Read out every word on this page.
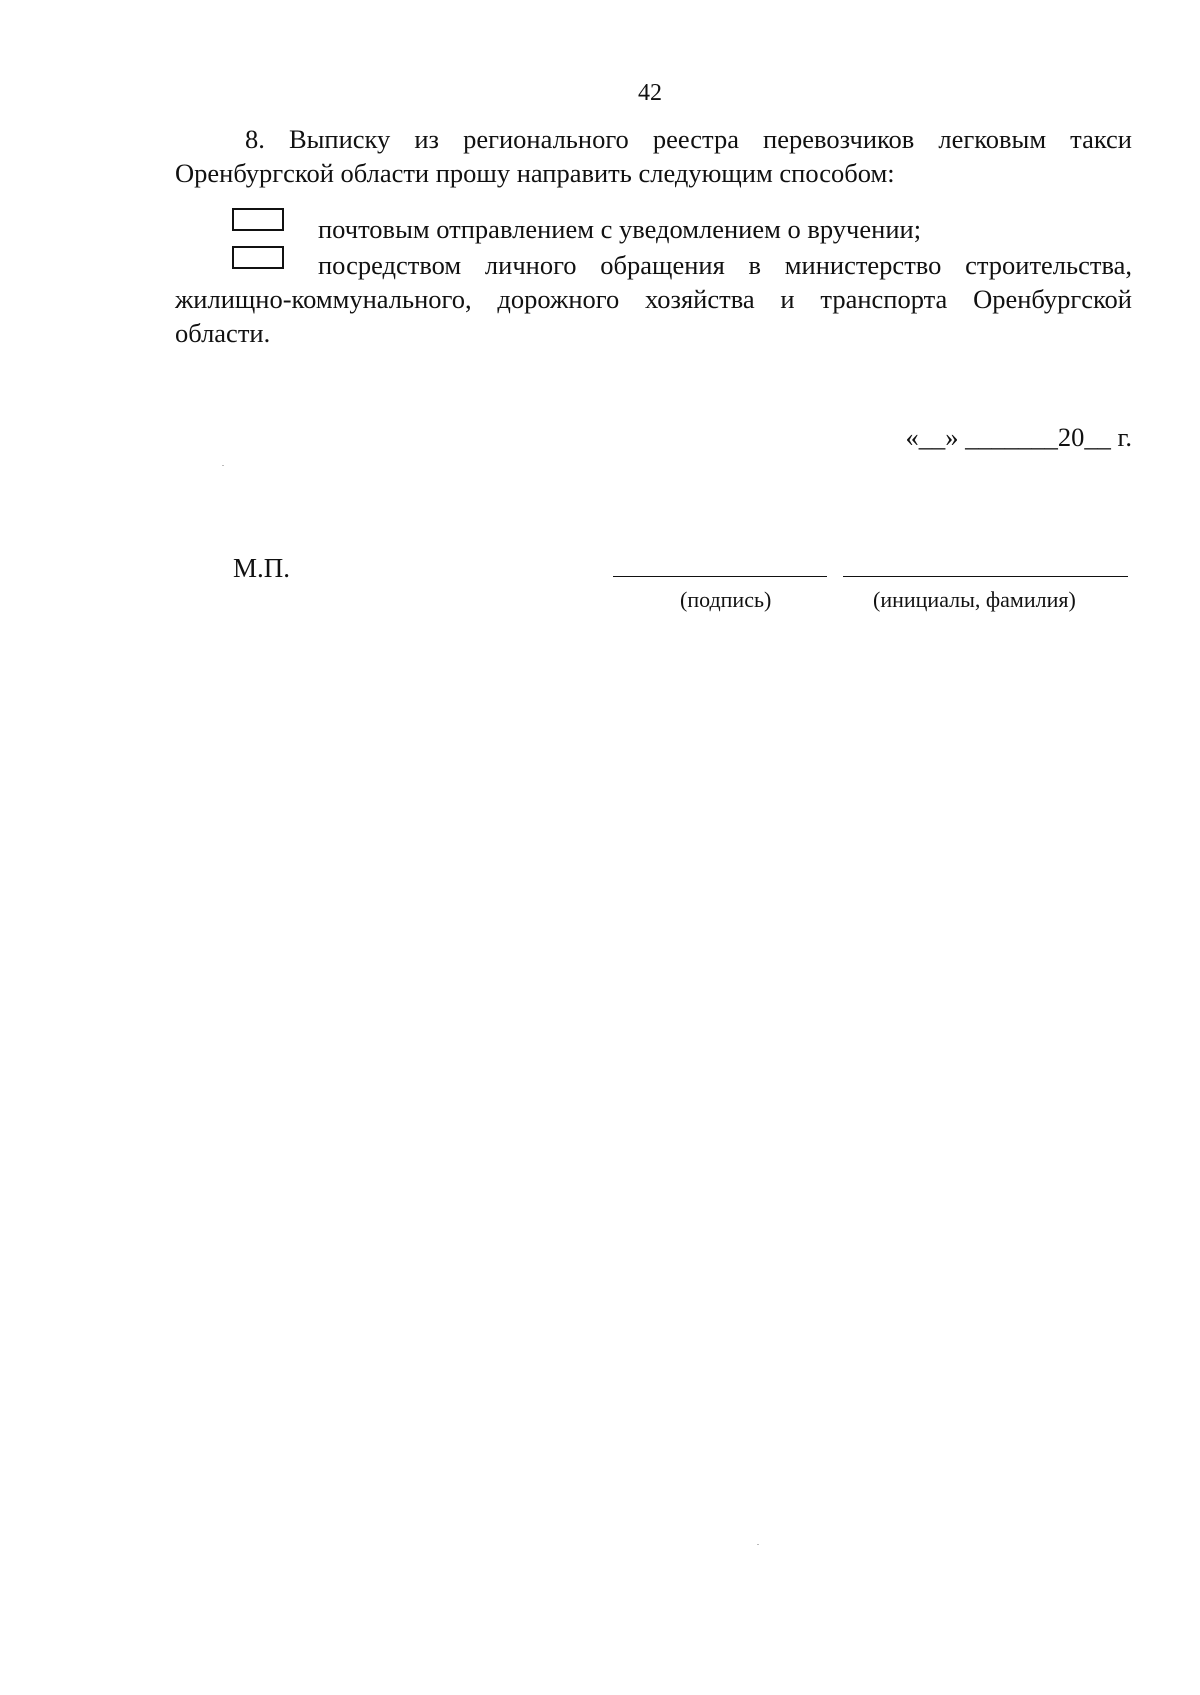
42
8. Выписку из регионального реестра перевозчиков легковым такси Оренбургской области прошу направить следующим способом:
почтовым отправлением с уведомлением о вручении;
посредством личного обращения в министерство строительства, жилищно-коммунального, дорожного хозяйства и транспорта Оренбургской области.
«__» _______20__ г.
М.П.
(подпись)	(инициалы, фамилия)
